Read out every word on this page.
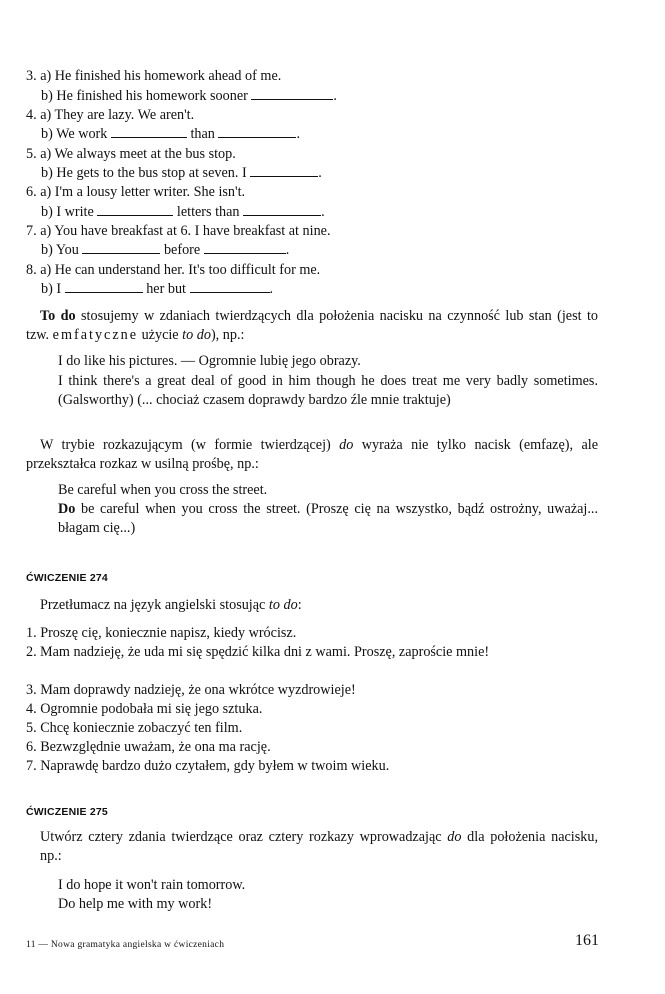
3. a) He finished his homework ahead of me.
b) He finished his homework sooner	.
4. a) They are lazy. We aren't.
b) We work	than	.
5. a) We always meet at the bus stop.
b) He gets to the bus stop at seven. I	.
6. a) I'm a lousy letter writer. She isn't.
b) I write	letters than	.
7. a) You have breakfast at 6. I have breakfast at nine.
b) You	before	.
8. a) He can understand her. It's too difficult for me.
b) I	her but	.
To do stosujemy w zdaniach twierdzących dla położenia nacisku na czynność lub stan (jest to tzw. emfatyczne użycie to do), np.:
I do like his pictures. — Ogromnie lubię jego obrazy.
I think there's a great deal of good in him though he does treat me very badly sometimes. (Galsworthy) (... chociaż czasem doprawdy bardzo źle mnie traktuje)
W trybie rozkazującym (w formie twierdzącej) do wyraża nie tylko nacisk (emfazę), ale przekształca rozkaz w usilną prośbę, np.:
Be careful when you cross the street.
Do be careful when you cross the street. (Proszę cię na wszystko, bądź ostrożny, uważaj... błagam cię...)
ĆWICZENIE 274
Przetłumacz na język angielski stosując to do:
1. Proszę cię, koniecznie napisz, kiedy wrócisz.
2. Mam nadzieję, że uda mi się spędzić kilka dni z wami. Proszę, zaproście mnie!
3. Mam doprawdy nadzieję, że ona wkrótce wyzdrowieje!
4. Ogromnie podobała mi się jego sztuka.
5. Chcę koniecznie zobaczyć ten film.
6. Bezwzględnie uważam, że ona ma rację.
7. Naprawdę bardzo dużo czytałem, gdy byłem w twoim wieku.
ĆWICZENIE 275
Utwórz cztery zdania twierdzące oraz cztery rozkazy wprowadzając do dla położenia nacisku, np.:
I do hope it won't rain tomorrow.
Do help me with my work!
11 — Nowa gramatyka angielska w ćwiczeniach	161
